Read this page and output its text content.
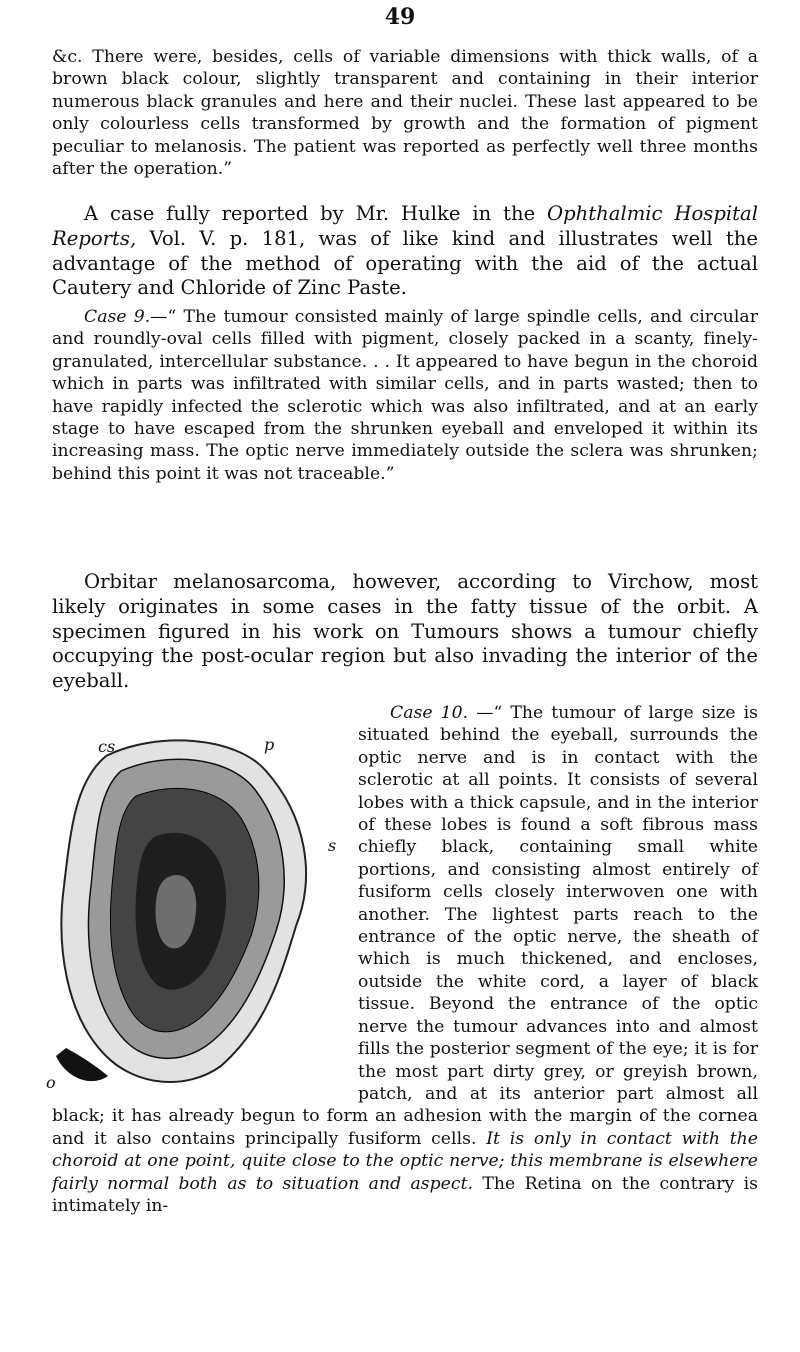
49

&c. There were, besides, cells of variable dimensions with thick walls, of a brown black colour, slightly transparent and containing in their interior numerous black granules and here and their nuclei. These last appeared to be only colourless cells transformed by growth and the formation of pigment peculiar to melanosis. The patient was reported as perfectly well three months after the operation.”

A case fully reported by Mr. Hulke in the Ophthalmic Hospital Reports, Vol. V. p. 181, was of like kind and illustrates well the advantage of the method of operating with the aid of the actual Cautery and Chloride of Zinc Paste.

Case 9.—“ The tumour consisted mainly of large spindle cells, and circular and roundly-oval cells filled with pigment, closely packed in a scanty, finely-granulated, intercellular substance. . . It appeared to have begun in the choroid which in parts was infiltrated with similar cells, and in parts wasted; then to have rapidly infected the sclerotic which was also infiltrated, and at an early stage to have escaped from the shrunken eyeball and enveloped it within its increasing mass. The optic nerve immediately outside the sclera was shrunken; behind this point it was not traceable.”

Orbitar melanosarcoma, however, according to Virchow, most likely originates in some cases in the fatty tissue of the orbit. A specimen figured in his work on Tumours shows a tumour chiefly occupying the post-ocular region but also invading the interior of the eyeball.

Case 10.
cs	p
s
o
—“ The tumour of large size is situated behind the eyeball, surrounds the optic nerve and is in contact with the sclerotic at all points. It consists of several lobes with a thick capsule, and in the interior of these lobes is found a soft fibrous mass chiefly black, containing small white portions, and consisting almost entirely of fusiform cells closely interwoven one with another. The lightest parts reach to the entrance of the optic nerve, the sheath of which is much thickened, and encloses, outside the white cord, a layer of black tissue. Beyond the entrance of the optic nerve the tumour advances into and almost fills the posterior segment of the eye; it is for the most part dirty grey, or greyish brown, patch, and at its anterior part almost all black; it has already begun to form an adhesion with the margin of the cornea and it also contains principally fusiform cells. It is only in contact with the choroid at one point, quite close to the optic nerve; this membrane is elsewhere fairly normal both as to situation and aspect. The Retina on the contrary is intimately in-
